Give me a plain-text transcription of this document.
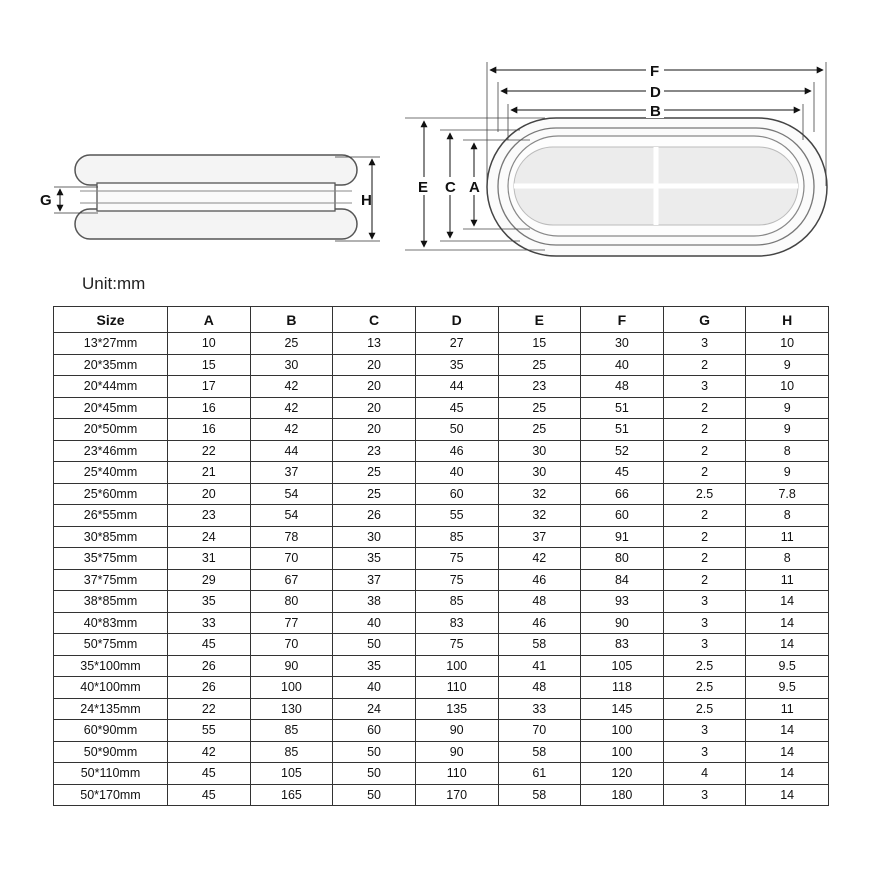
G	H
F
D
B
E C A
Unit:mm
Size	A	B	C	D	E	F	G	H
13*27mm	10	25	13	27	15	30	3	10
20*35mm	15	30	20	35	25	40	2	9
20*44mm	17	42	20	44	23	48	3	10
20*45mm	16	42	20	45	25	51	2	9
20*50mm	16	42	20	50	25	51	2	9
23*46mm	22	44	23	46	30	52	2	8
25*40mm	21	37	25	40	30	45	2	9
25*60mm	20	54	25	60	32	66	2.5	7.8
26*55mm	23	54	26	55	32	60	2	8
30*85mm	24	78	30	85	37	91	2	11
35*75mm	31	70	35	75	42	80	2	8
37*75mm	29	67	37	75	46	84	2	11
38*85mm	35	80	38	85	48	93	3	14
40*83mm	33	77	40	83	46	90	3	14
50*75mm	45	70	50	75	58	83	3	14
35*100mm	26	90	35	100	41	105	2.5	9.5
40*100mm	26	100	40	110	48	118	2.5	9.5
24*135mm	22	130	24	135	33	145	2.5	11
60*90mm	55	85	60	90	70	100	3	14
50*90mm	42	85	50	90	58	100	3	14
50*110mm	45	105	50	110	61	120	4	14
50*170mm	45	165	50	170	58	180	3	14
